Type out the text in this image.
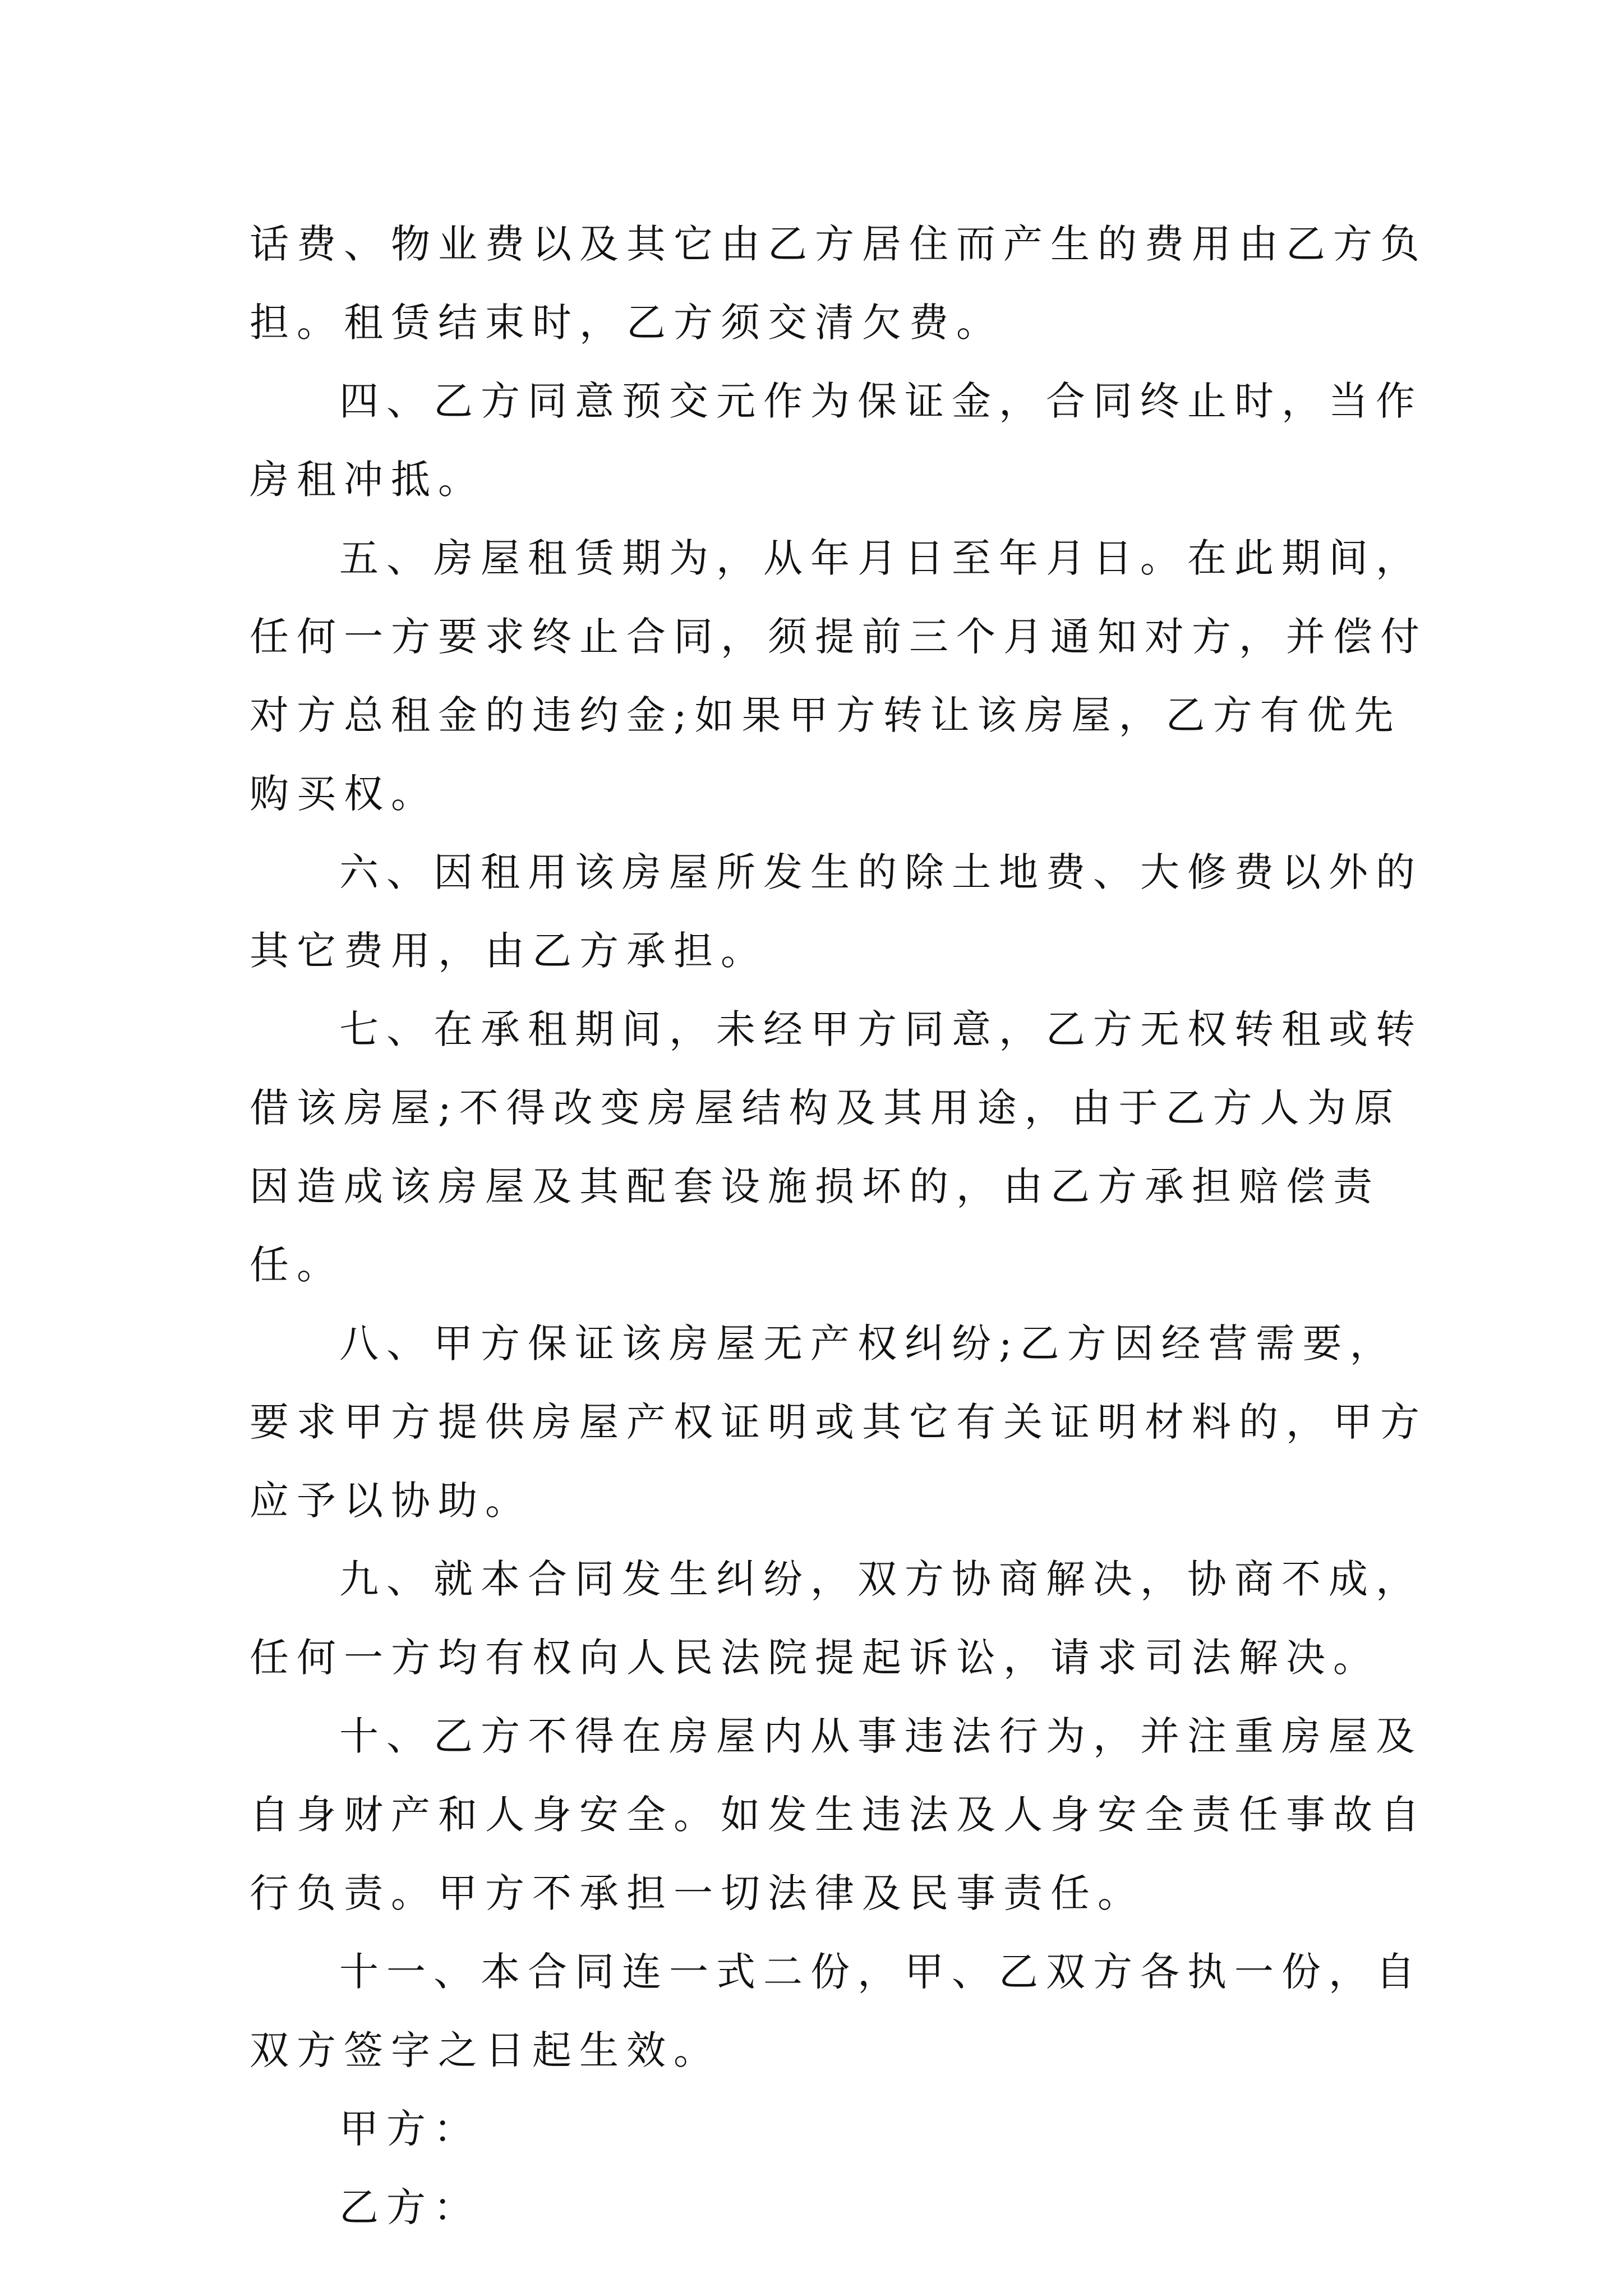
话费、物业费以及其它由乙方居住而产生的费用由乙方负担。租赁结束时，乙方须交清欠费。

四、乙方同意预交元作为保证金，合同终止时，当作房租冲抵。

五、房屋租赁期为，从年月日至年月日。在此期间，任何一方要求终止合同，须提前三个月通知对方，并偿付对方总租金的违约金;如果甲方转让该房屋，乙方有优先购买权。

六、因租用该房屋所发生的除土地费、大修费以外的其它费用，由乙方承担。

七、在承租期间，未经甲方同意，乙方无权转租或转借该房屋;不得改变房屋结构及其用途，由于乙方人为原因造成该房屋及其配套设施损坏的，由乙方承担赔偿责任。

八、甲方保证该房屋无产权纠纷;乙方因经营需要，要求甲方提供房屋产权证明或其它有关证明材料的，甲方应予以协助。

九、就本合同发生纠纷，双方协商解决，协商不成，任何一方均有权向人民法院提起诉讼，请求司法解决。

十、乙方不得在房屋内从事违法行为，并注重房屋及自身财产和人身安全。如发生违法及人身安全责任事故自行负责。甲方不承担一切法律及民事责任。

十一、本合同连一式二份，甲、乙双方各执一份，自双方签字之日起生效。

甲方：

乙方：
